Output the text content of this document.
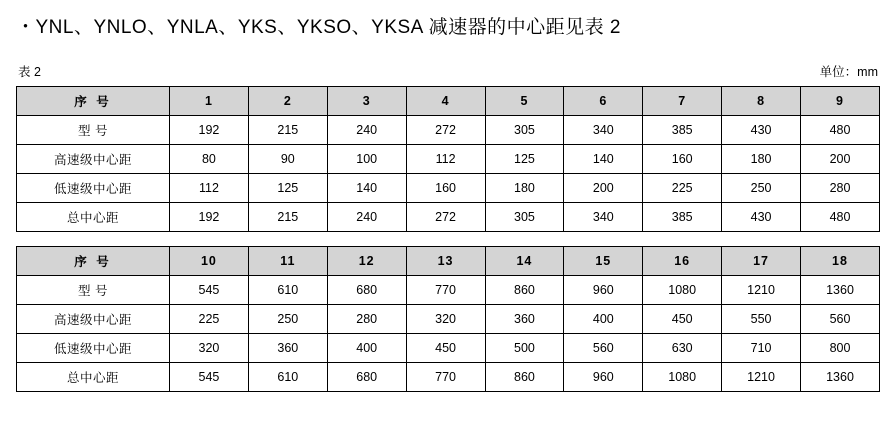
・YNL、YNLO、YNLA、YKS、YKSO、YKSA 减速器的中心距见表 2
表 2	单位：mm
序 号	1	2	3	4	5	6	7	8	9
型 号	192	215	240	272	305	340	385	430	480
高速级中心距	80	90	100	112	125	140	160	180	200
低速级中心距	112	125	140	160	180	200	225	250	280
总中心距	192	215	240	272	305	340	385	430	480
序 号	10	11	12	13	14	15	16	17	18
型 号	545	610	680	770	860	960	1080	1210	1360
高速级中心距	225	250	280	320	360	400	450	550	560
低速级中心距	320	360	400	450	500	560	630	710	800
总中心距	545	610	680	770	860	960	1080	1210	1360
